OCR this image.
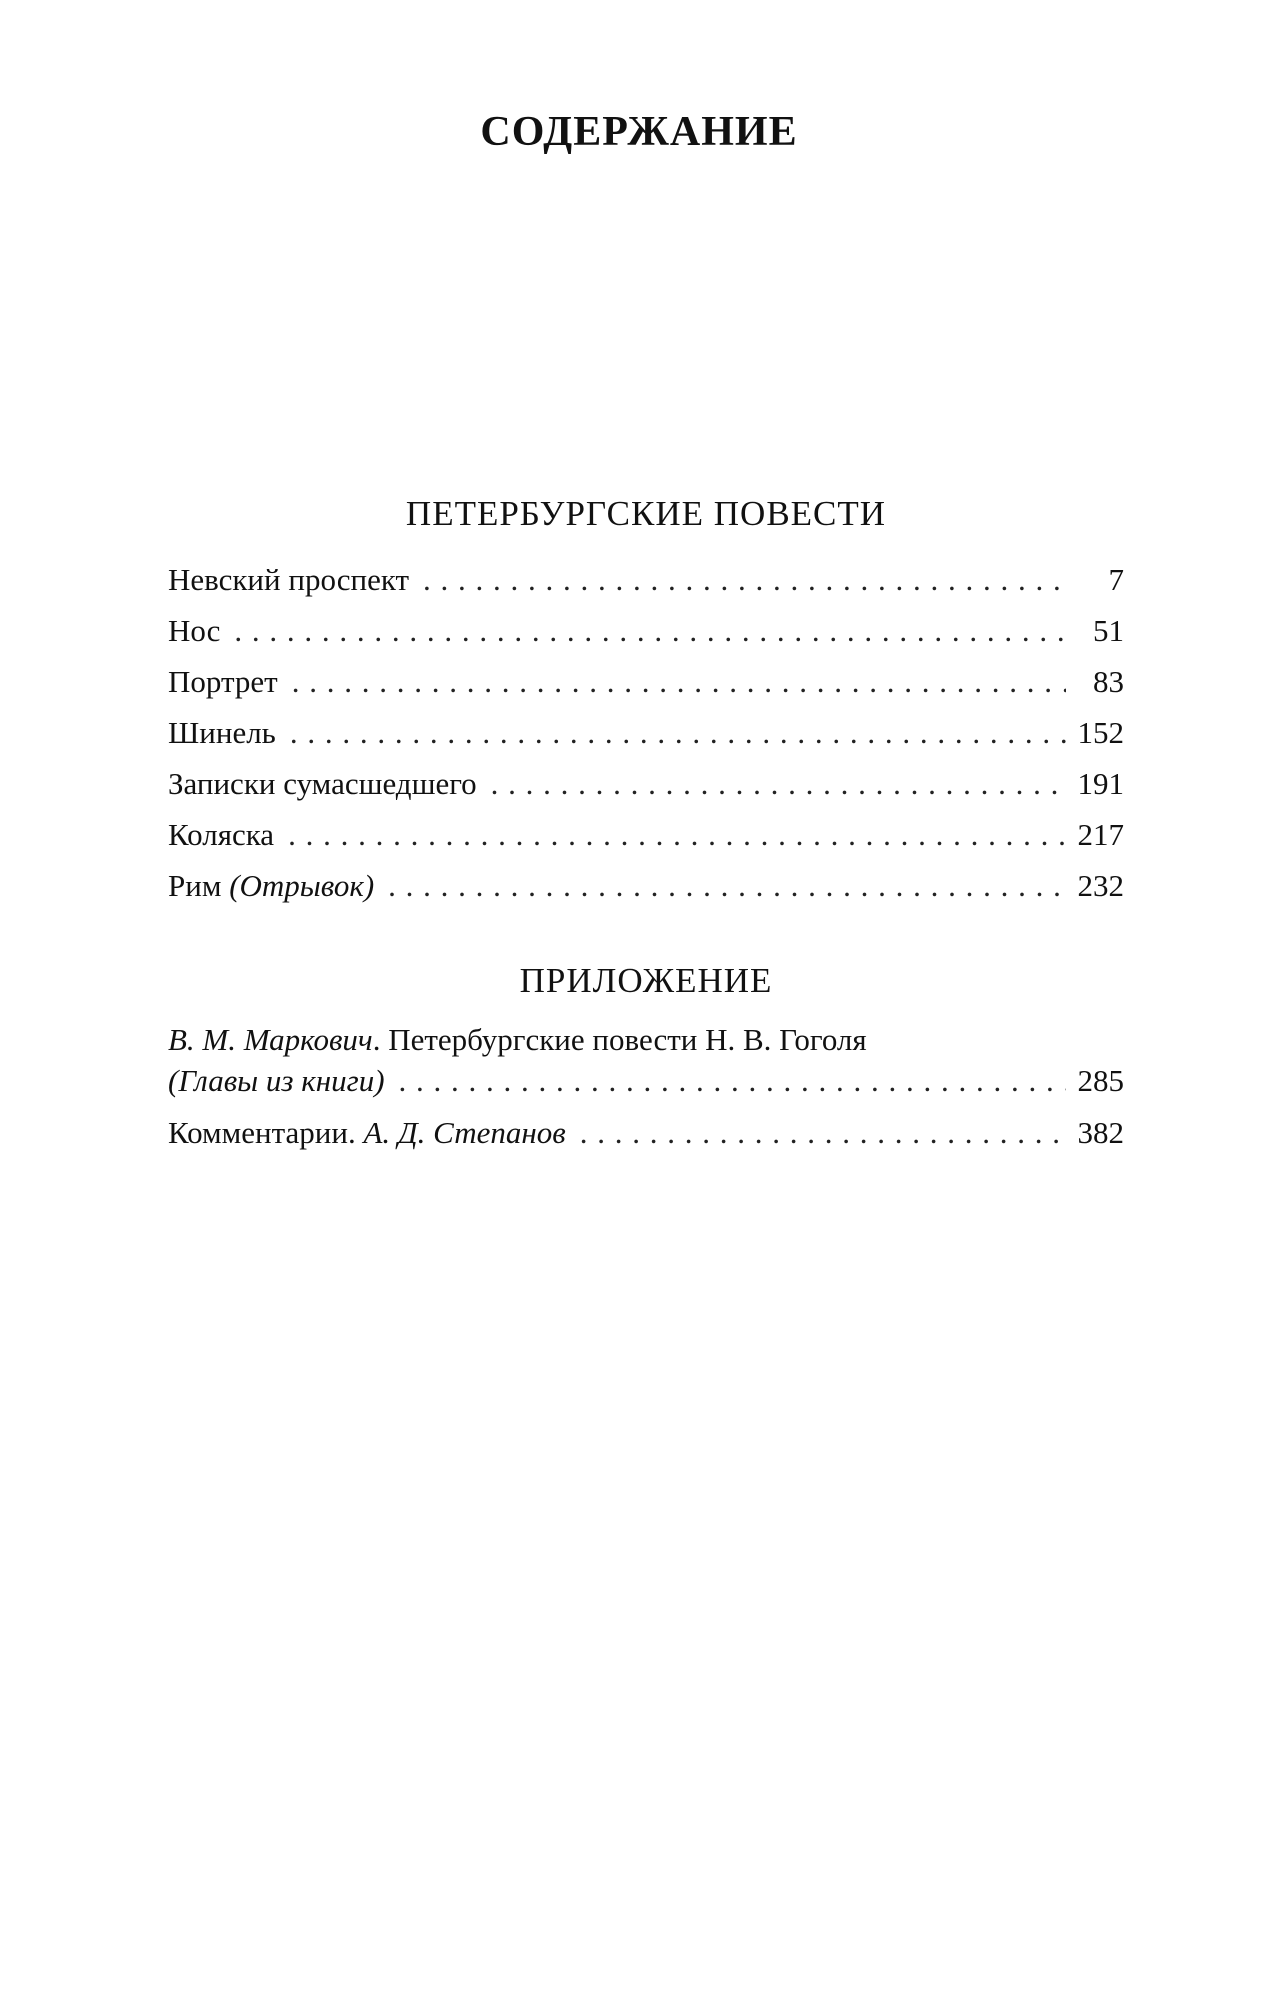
СОДЕРЖАНИЕ
ПЕТЕРБУРГСКИЕ ПОВЕСТИ
Невский проспект . . .	7
Нос . . .	51
Портрет . . .	83
Шинель . . .	152
Записки сумасшедшего . . .	191
Коляска . . .	217
Рим (Отрывок) . . .	232
ПРИЛОЖЕНИЕ
В. М. Маркович. Петербургские повести Н. В. Гоголя
(Главы из книги) . . .	285
Комментарии. А. Д. Степанов . . .	382
